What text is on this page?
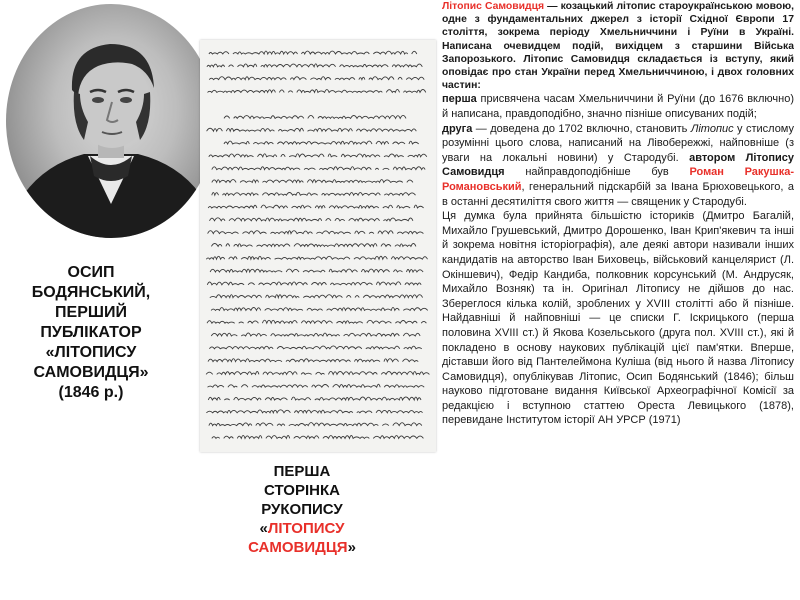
ОСИП
БОДЯНСЬКИЙ,
ПЕРШИЙ
ПУБЛІКАТОР
«ЛІТОПИСУ
САМОВИДЦЯ»
(1846 р.)
ПЕРША
СТОРІНКА
РУКОПИСУ
«ЛІТОПИСУ
САМОВИДЦЯ»

Літопис Самовидця — козацький літопис староукраїнською мовою, одне з фундаментальних джерел з історії Східної Європи 17 століття, зокрема періоду Хмельниччини і Руїни в Україні. Написана очевидцем подій, вихідцем з старшини Війська Запорозького. Літопис Самовидця складається із вступу, який оповідає про стан України перед Хмельниччиною, і двох головних частин:

перша присвячена часам Хмельниччини й Руїни (до 1676 включно) й написана, правдоподібно, значно пізніше описуваних подій;

друга — доведена до 1702 включно, становить Літопис у стислому розумінні цього слова, написаний на Лівобережжі, найповніше (з уваги на локальні новини) у Стародубі. автором Літопису Самовидця найправдоподібніше був Роман Ракушка-Романовський, генеральний підскарбій за Івана Брюховецького, а в останні десятиліття свого життя — священик у Стародубі.

Ця думка була прийнята більшістю істориків (Дмитро Багалій, Михайло Грушевський, Дмитро Дорошенко, Іван Крип'якевич та інші й зокрема новітня історіографія), але деякі автори називали інших кандидатів на авторство Іван Биховець, військовий канцелярист (Л. Окіншевич), Федір Кандиба, полковник корсунський (М. Андрусяк, Михайло Возняк) та ін. Оригінал Літопису не дійшов до нас. Збереглося кілька колій, зроблених у XVIII столітті або й пізніше. Найдавніші й найповніші — це списки Г. Іскрицького (перша половина XVIII ст.) й Якова Козельського (друга пол. XVIII ст.), які й покладено в основу наукових публікацій цієї пам'ятки. Вперше, діставши його від Пантелеймона Куліша (від нього й назва Літопису Самовидця), опублікував Літопис, Осип Бодянський (1846); більш науково підготоване видання Київської Археографічної Комісії за редакцією і вступною статтею Ореста Левицького (1878), перевидане Інститутом історії АН УРСР (1971)
